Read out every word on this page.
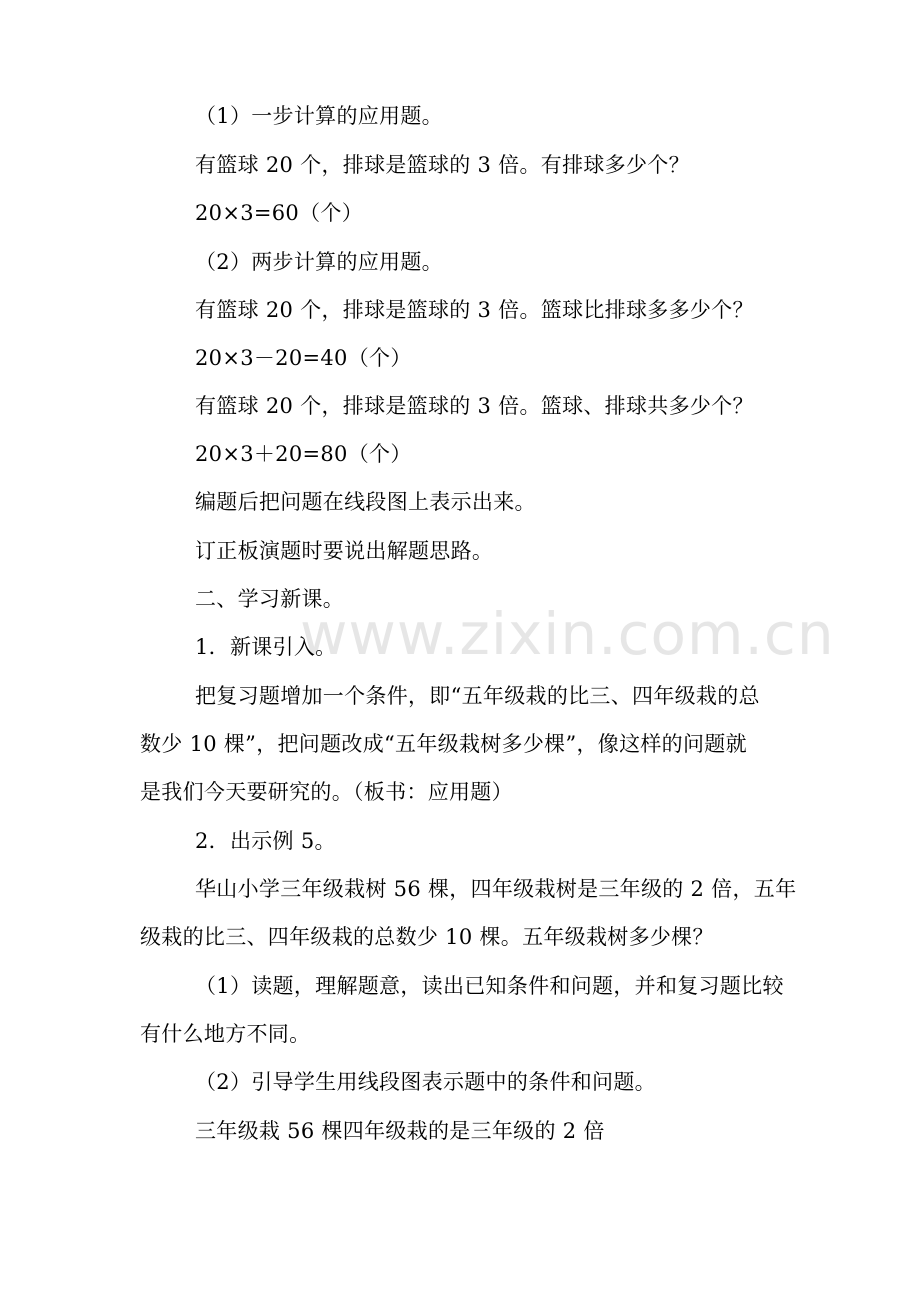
www.zixin.com.cn
（1）一步计算的应用题。
有篮球 20 个，排球是篮球的 3 倍。有排球多少个？
20×3=60（个）
（2）两步计算的应用题。
有篮球 20 个，排球是篮球的 3 倍。篮球比排球多多少个？
20×3－20=40（个）
有篮球 20 个，排球是篮球的 3 倍。篮球、排球共多少个？
20×3＋20=80（个）
编题后把问题在线段图上表示出来。
订正板演题时要说出解题思路。
二、学习新课。
1．新课引入。
把复习题增加一个条件，即“五年级栽的比三、四年级栽的总
数少 10 棵”，把问题改成“五年级栽树多少棵”，像这样的问题就
是我们今天要研究的。（板书：应用题）
2．出示例 5。
华山小学三年级栽树 56 棵，四年级栽树是三年级的 2 倍，五年
级栽的比三、四年级栽的总数少 10 棵。五年级栽树多少棵？
（1）读题，理解题意，读出已知条件和问题，并和复习题比较
有什么地方不同。
（2）引导学生用线段图表示题中的条件和问题。
三年级栽 56 棵四年级栽的是三年级的 2 倍
